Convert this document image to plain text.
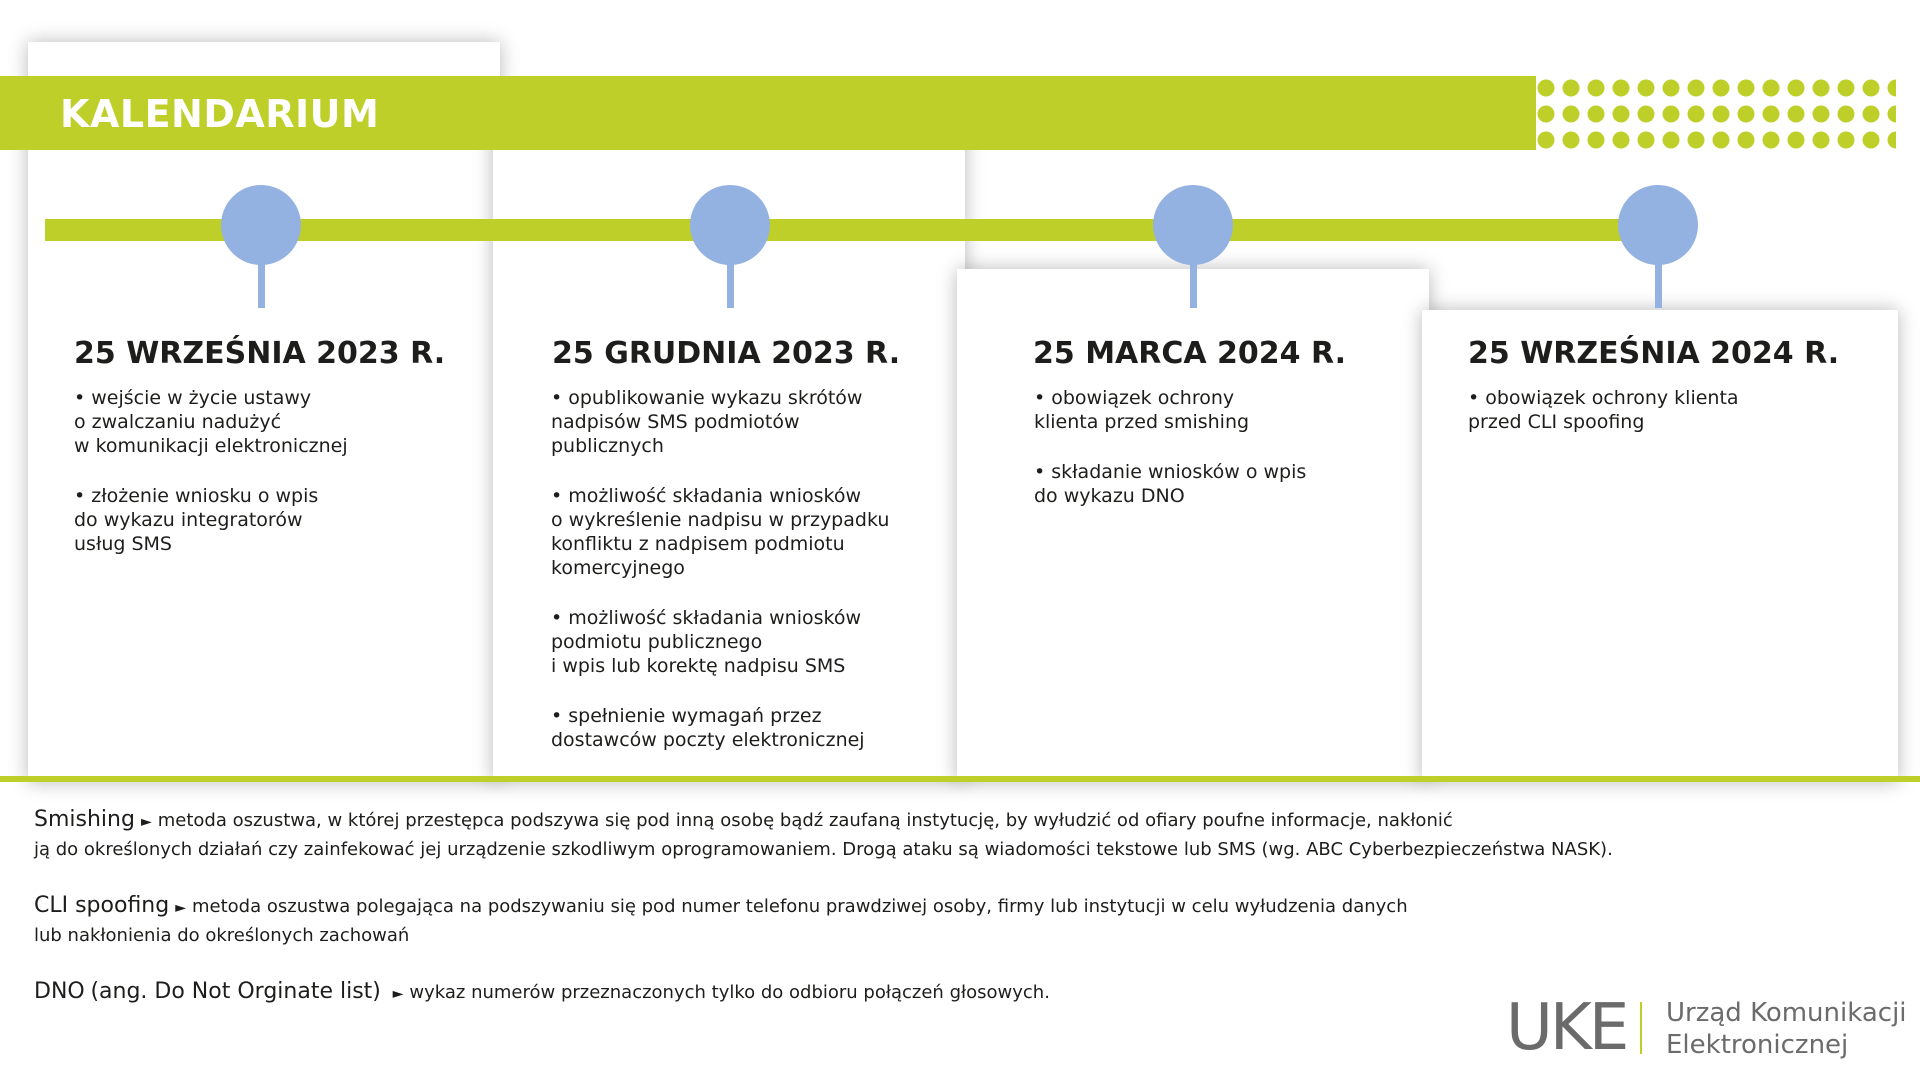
KALENDARIUM
25 WRZEŚNIA 2023 R.	25 GRUDNIA 2023 R.	25 MARCA 2024 R.	25 WRZEŚNIA 2024 R.
• wejście w życie ustawy
o zwalczaniu nadużyć
w komunikacji elektronicznej
• złożenie wniosku o wpis
do wykazu integratorów
usług SMS
• opublikowanie wykazu skrótów
nadpisów SMS podmiotów
publicznych
• możliwość składania wniosków
o wykreślenie nadpisu w przypadku
konfliktu z nadpisem podmiotu
komercyjnego
• możliwość składania wniosków
podmiotu publicznego
i wpis lub korektę nadpisu SMS
• spełnienie wymagań przez
dostawców poczty elektronicznej
• obowiązek ochrony
klienta przed smishing
• składanie wniosków o wpis
do wykazu DNO
• obowiązek ochrony klienta
przed CLI spoofing
Smishing ► metoda oszustwa, w której przestępca podszywa się pod inną osobę bądź zaufaną instytucję, by wyłudzić od ofiary poufne informacje, nakłonić
ją do określonych działań czy zainfekować jej urządzenie szkodliwym oprogramowaniem. Drogą ataku są wiadomości tekstowe lub SMS (wg. ABC Cyberbezpieczeństwa NASK).
CLI spoofing ► metoda oszustwa polegająca na podszywaniu się pod numer telefonu prawdziwej osoby, firmy lub instytucji w celu wyłudzenia danych
lub nakłonienia do określonych zachowań
DNO (ang. Do Not Orginate list) ► wykaz numerów przeznaczonych tylko do odbioru połączeń głosowych.	UKE Urząd Komunikacji
Elektronicznej
